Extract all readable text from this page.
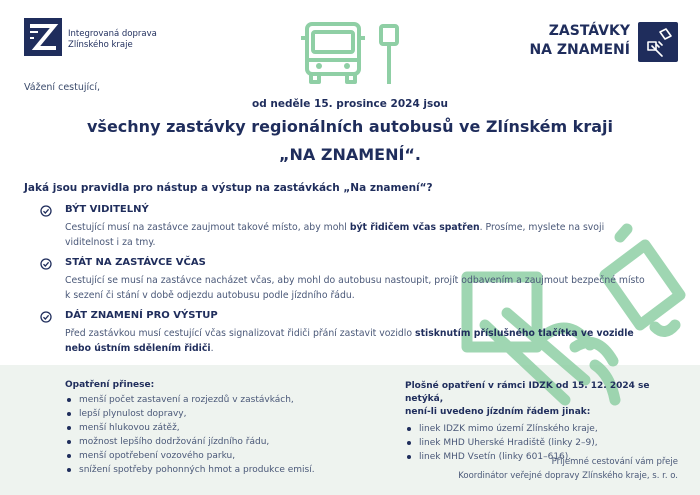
Integrovaná doprava
Zlínského kraje
ZASTÁVKY
NA ZNAMENÍ
Vážení cestující,
od neděle 15. prosince 2024 jsou
všechny zastávky regionálních autobusů ve Zlínském kraji
„NA ZNAMENÍ“.
Jaká jsou pravidla pro nástup a výstup na zastávkách „Na znamení“?
BÝT VIDITELNÝ
Cestující musí na zastávce zaujmout takové místo, aby mohl být řidičem včas spatřen. Prosíme, myslete na svoji viditelnost i za tmy.
STÁT NA ZASTÁVCE VČAS
Cestující se musí na zastávce nacházet včas, aby mohl do autobusu nastoupit, projít odbavením a zaujmout bezpečné místo k sezení či stání v době odjezdu autobusu podle jízdního řádu.
DÁT ZNAMENÍ PRO VÝSTUP
Před zastávkou musí cestující včas signalizovat řidiči přání zastavit vozidlo stisknutím příslušného tlačítka ve vozidle nebo ústním sdělením řidiči.
Opatření přinese:
menší počet zastavení a rozjezdů v zastávkách,
lepší plynulost dopravy,
menší hlukovou zátěž,
možnost lepšího dodržování jízdního řádu,
menší opotřebení vozového parku,
snížení spotřeby pohonných hmot a produkce emisí.
Plošné opatření v rámci IDZK od 15. 12. 2024 se netýká,
není-li uvedeno jízdním řádem jinak:
linek IDZK mimo území Zlínského kraje,
linek MHD Uherské Hradiště (linky 2–9),
linek MHD Vsetín (linky 601–616).
Příjemné cestování vám přeje
Koordinátor veřejné dopravy Zlínského kraje, s. r. o.
